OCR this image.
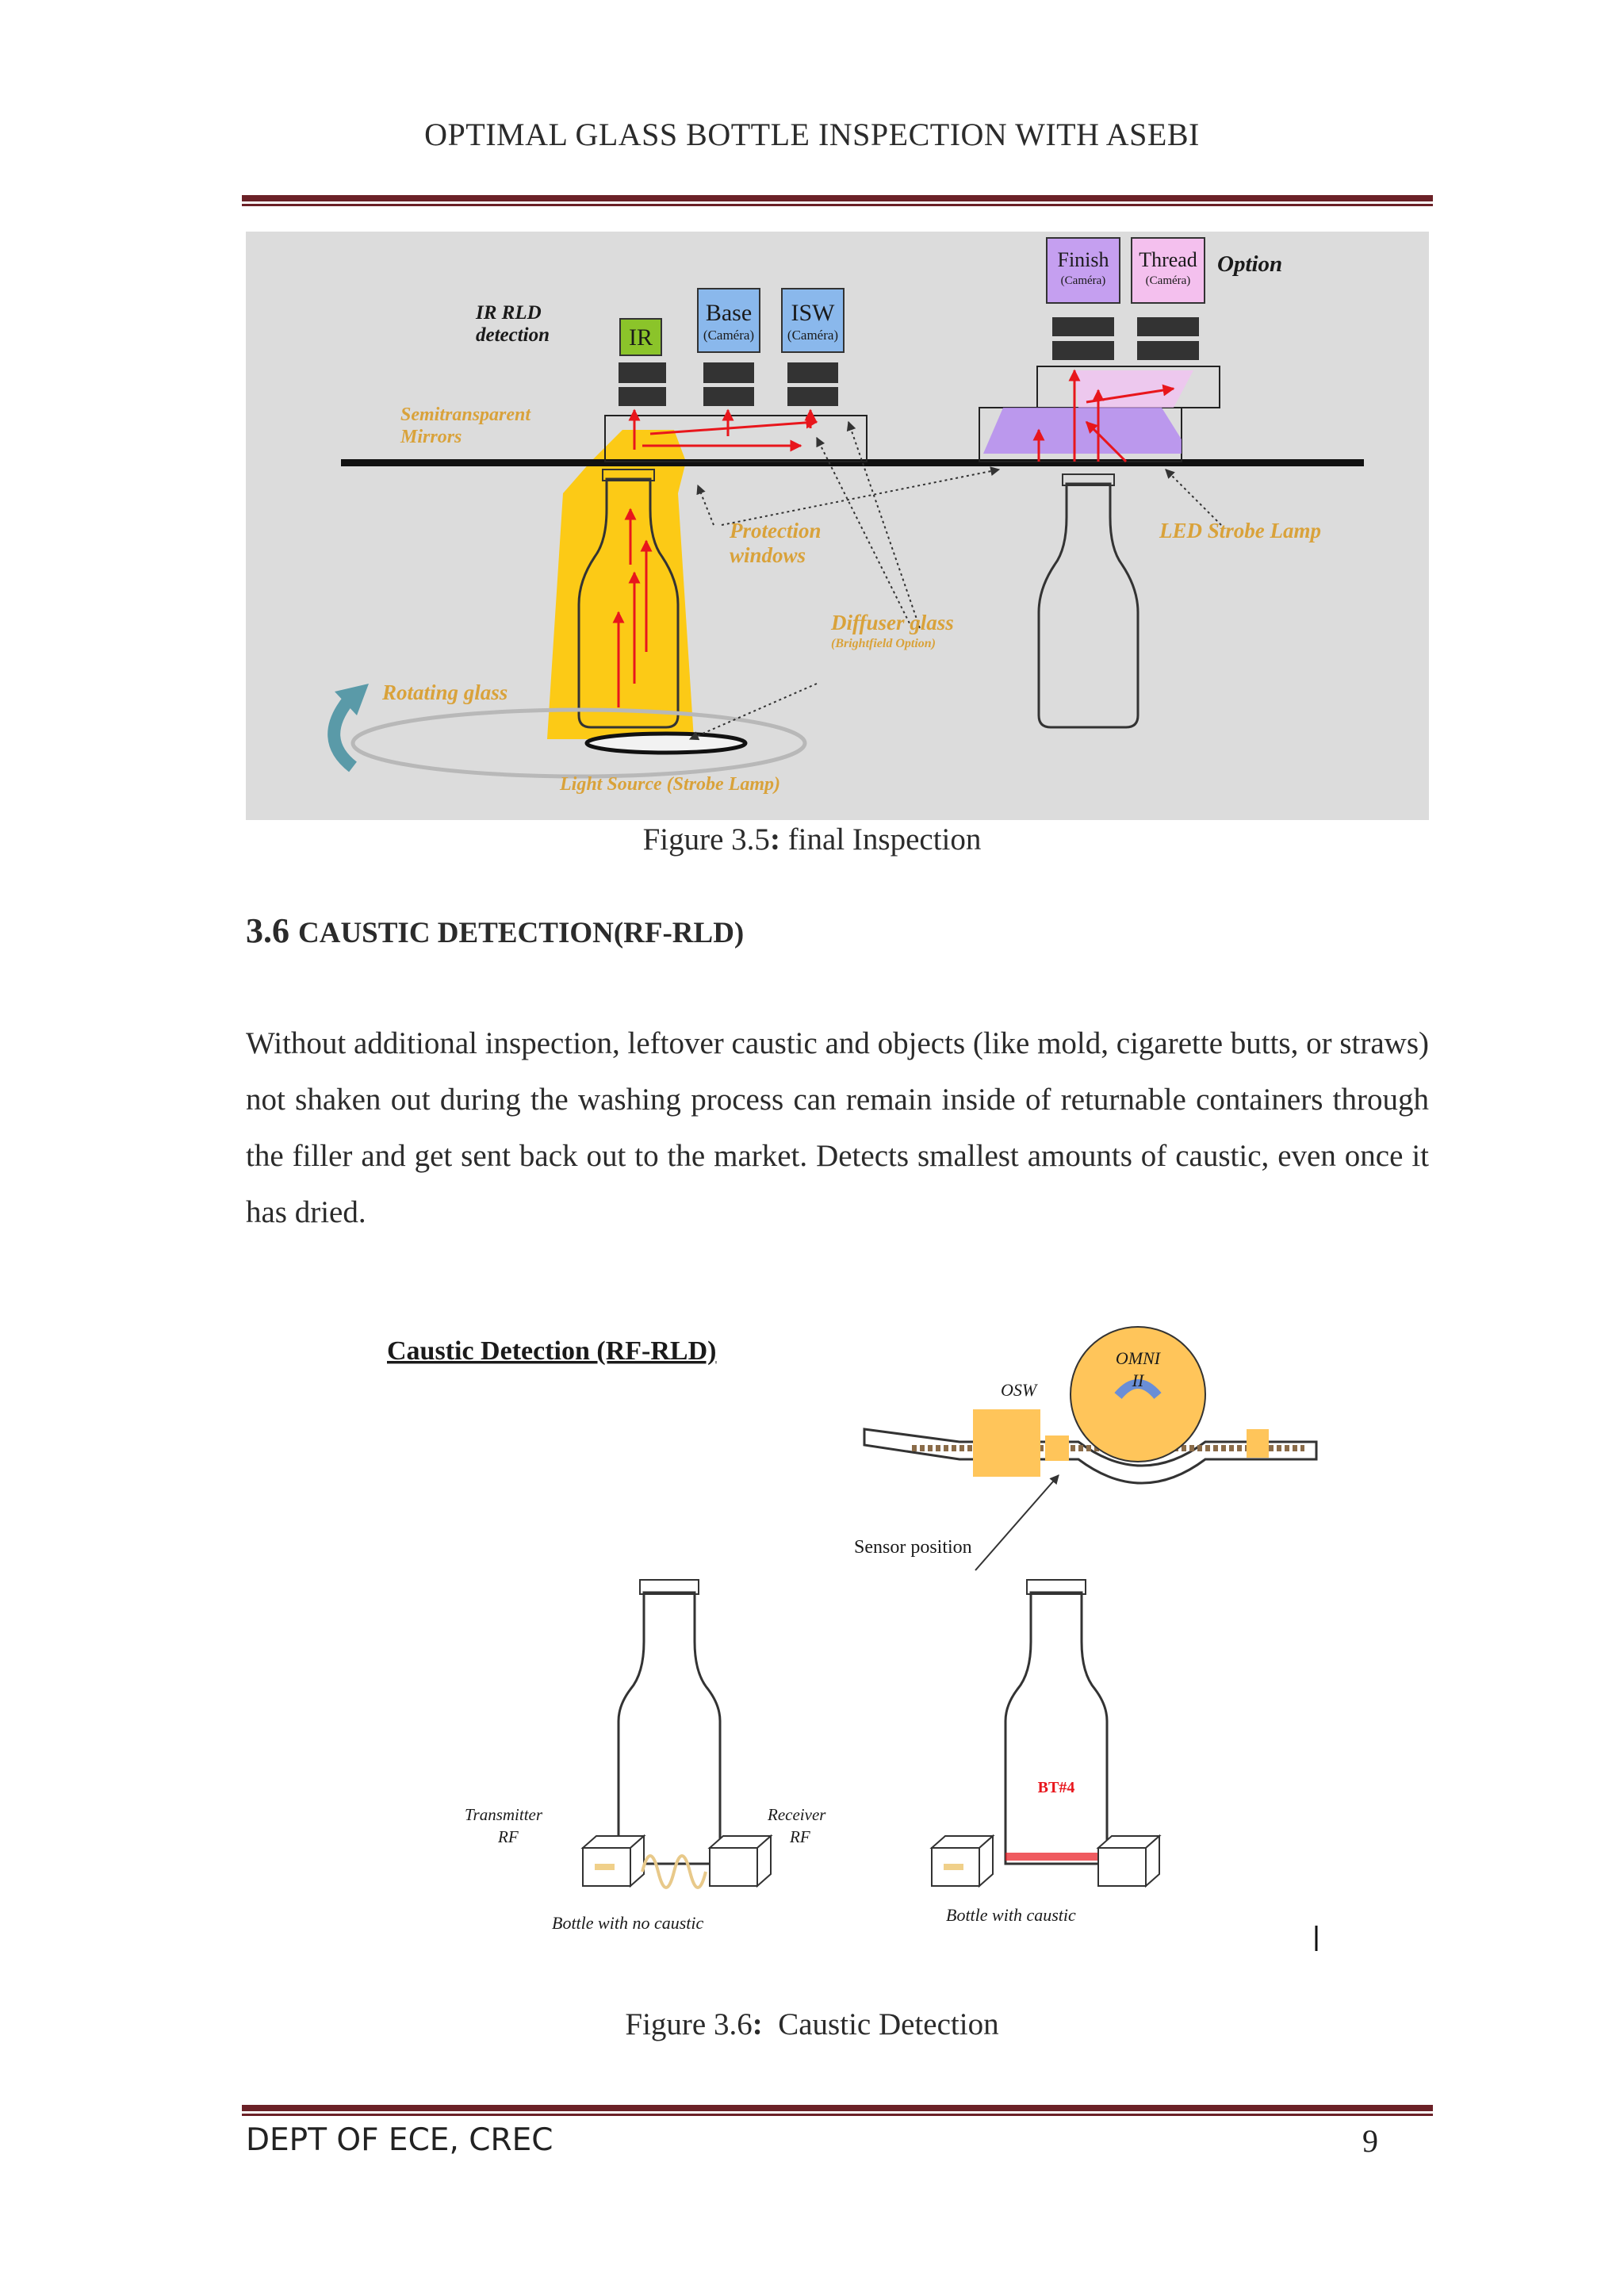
OPTIMAL GLASS BOTTLE INSPECTION WITH ASEBI
IR RLD
detection	IR
Base
(Caméra)
ISW
(Caméra)
Finish
(Caméra)
Thread
(Caméra)
Option
Semitransparent
Mirrors
Protection
windows
LED Strobe Lamp
Diffuser glass
(Brightfield Option)
Rotating glass
Light Source (Strobe Lamp)
Figure 3.5: final Inspection
3.6 CAUSTIC DETECTION(RF-RLD)
Without additional inspection, leftover caustic and objects (like mold, cigarette butts, or straws) not shaken out during the washing process can remain inside of returnable containers through the filler and get sent back out to the market. Detects smallest amounts of caustic, even once it has dried.
Caustic Detection (RF-RLD)
OSW
OMNI
II
Sensor position
Transmitter
RF
Receiver
RF
BT#4
Bottle with no caustic	Bottle with caustic
Figure 3.6:  Caustic Detection
DEPT OF ECE, CREC	9
